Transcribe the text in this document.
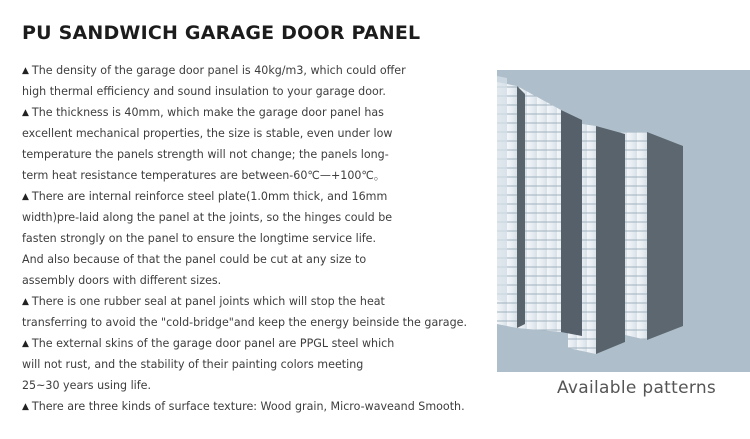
PU SANDWICH GARAGE DOOR PANEL
▲ The density of the garage door panel is 40kg/m3, which could offer
high thermal efficiency and sound insulation to your garage door.
▲ The thickness is 40mm, which make the garage door panel has
excellent mechanical properties, the size is stable, even under low
temperature the panels strength will not change; the panels long-
term heat resistance temperatures are between-60℃—+100℃。
▲ There are internal reinforce steel plate(1.0mm thick, and 16mm
width)pre-laid along the panel at the joints, so the hinges could be
fasten strongly on the panel to ensure the longtime service life.
And also because of that the panel could be cut at any size to
assembly doors with different sizes.
▲ There is one rubber seal at panel joints which will stop the heat
transferring to avoid the "cold-bridge"and keep the energy beinside the garage.
▲ The external skins of the garage door panel are PPGL steel which
will not rust, and the stability of their painting colors meeting
25~30 years using life.
▲ There are three kinds of surface texture: Wood grain, Micro-waveand Smooth.
Available patterns
